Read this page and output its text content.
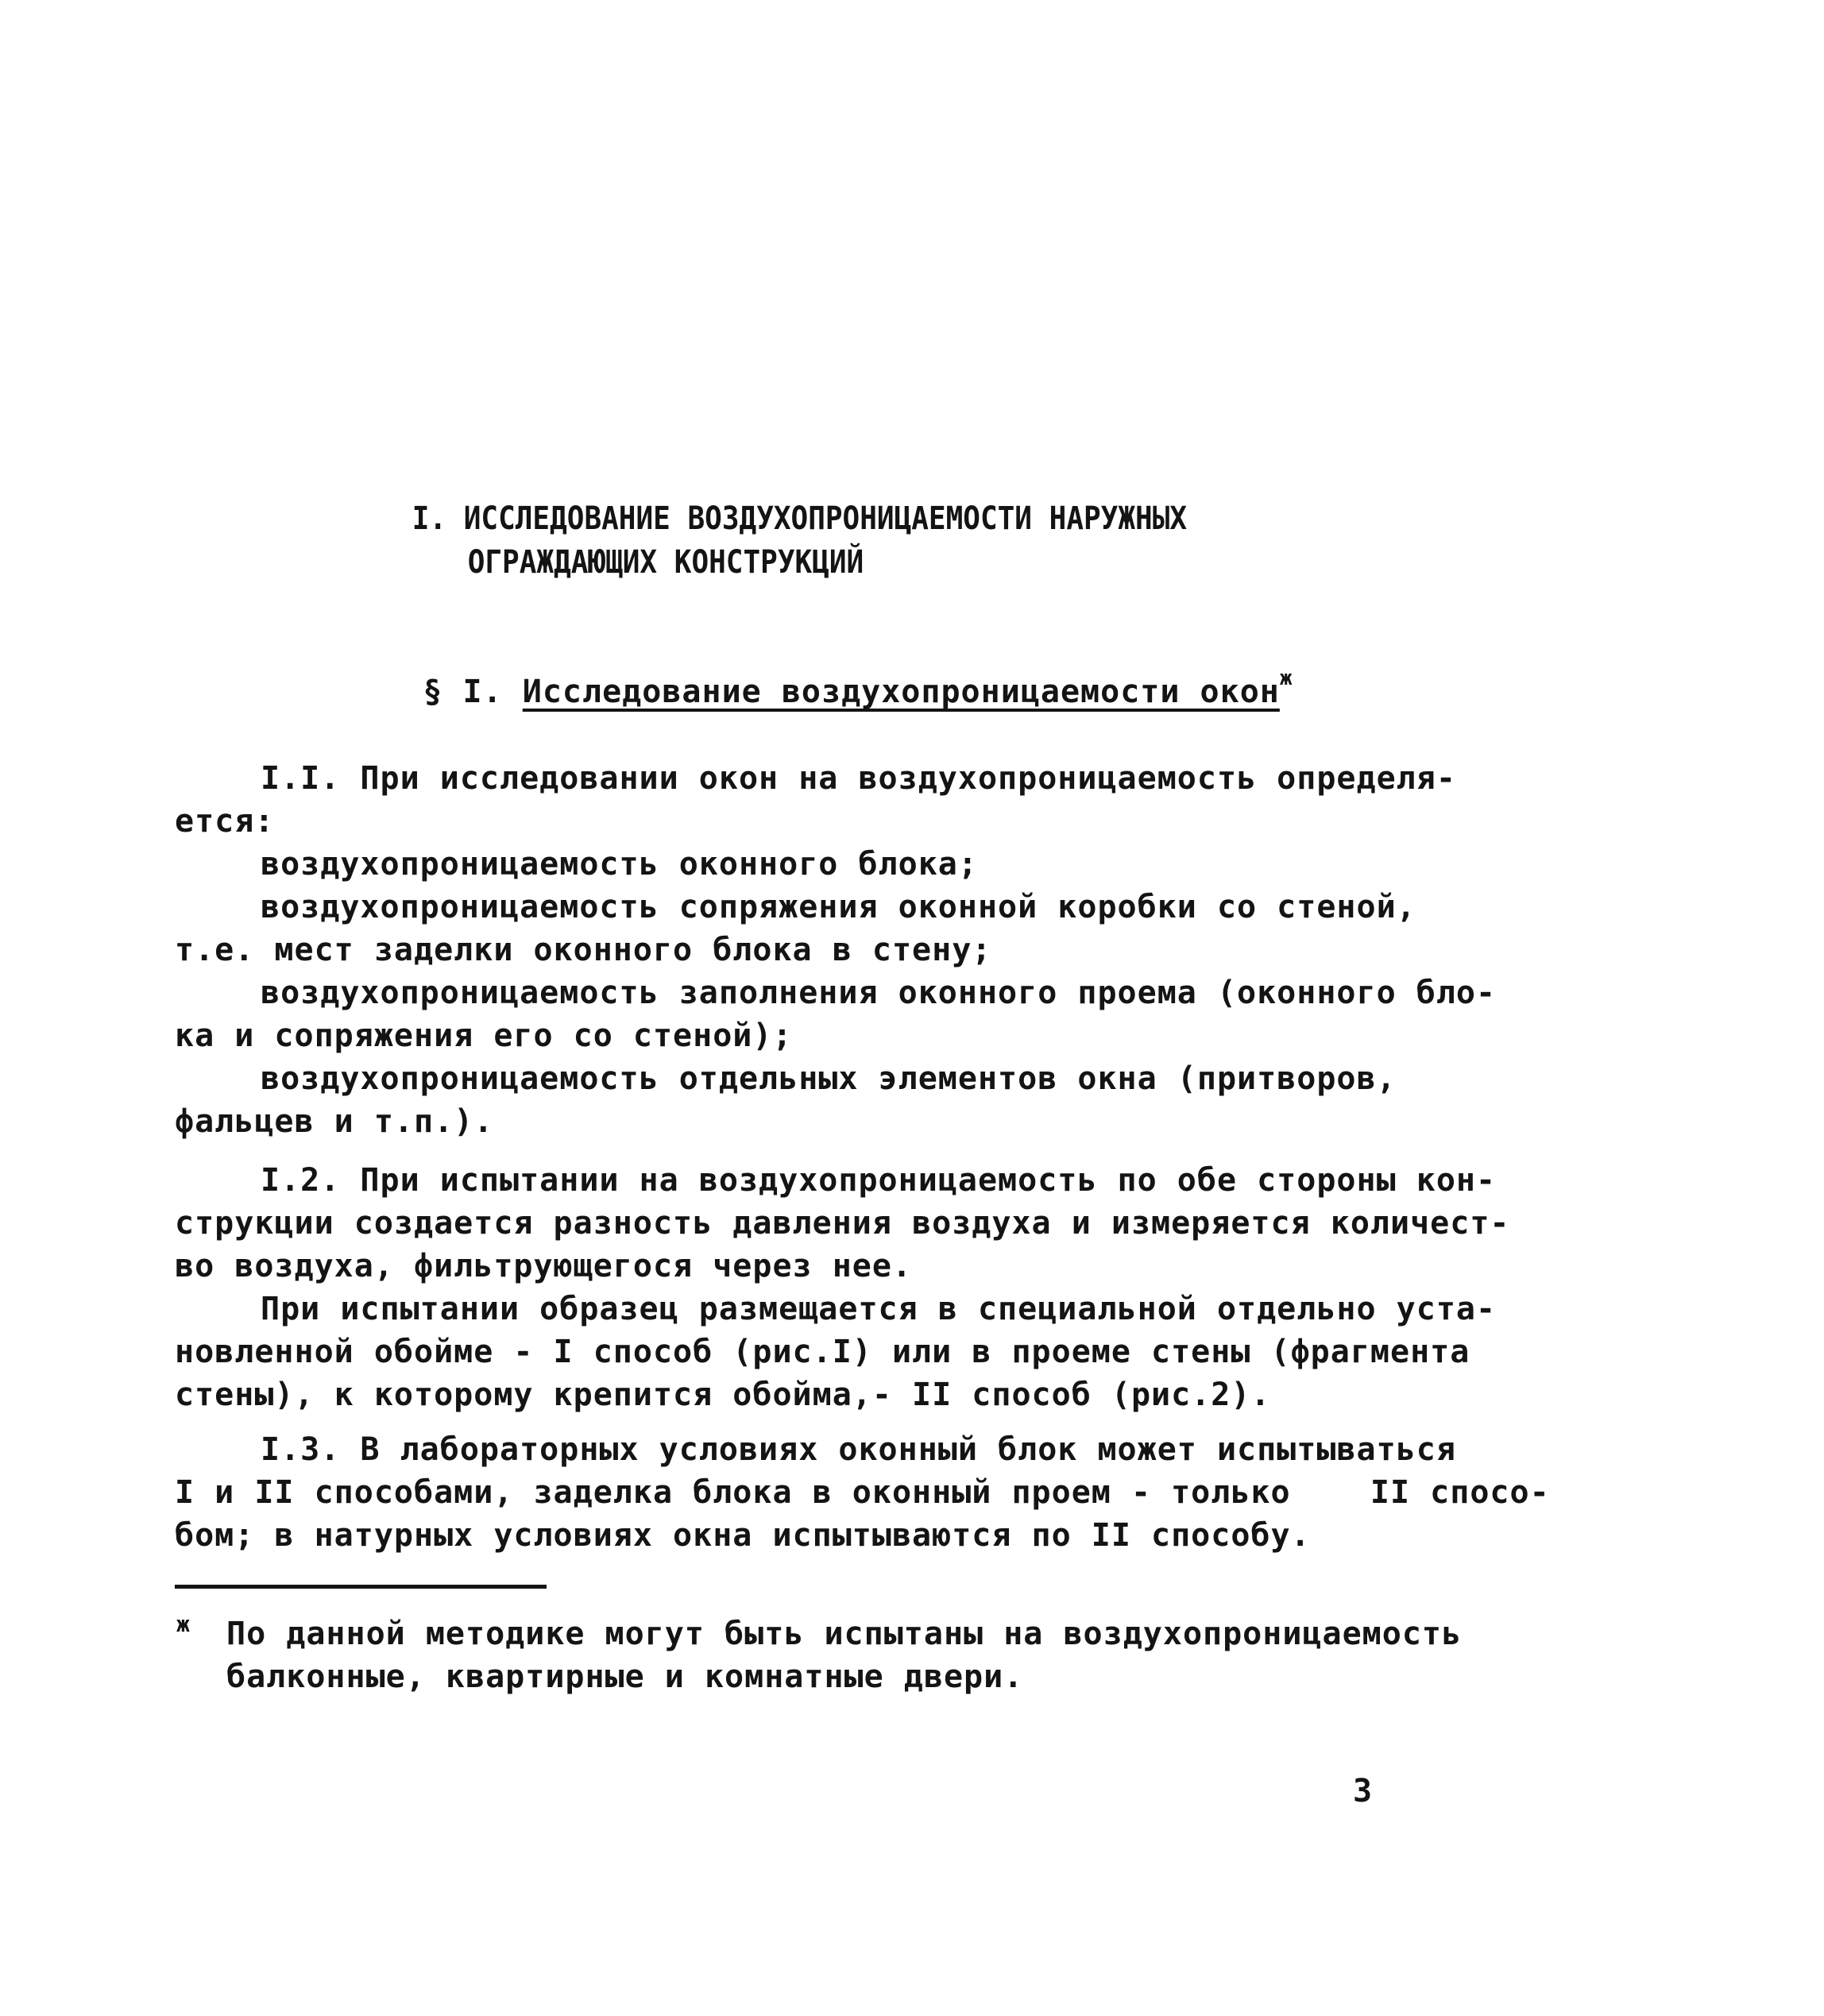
I. ИССЛЕДОВАНИЕ ВОЗДУХОПРОНИЦАЕМОСТИ НАРУЖНЫХ

ОГРАЖДАЮЩИХ КОНСТРУКЦИЙ

§ I. Исследование воздухопроницаемости окон$^ж$

I.I. При исследовании окон на воздухопроницаемость определя-
ется:
воздухопроницаемость оконного блока;
воздухопроницаемость сопряжения оконной коробки со стеной,
т.е. мест заделки оконного блока в стену;
воздухопроницаемость заполнения оконного проема (оконного бло-
ка и сопряжения его со стеной);
воздухопроницаемость отдельных элементов окна (притворов,
фальцев и т.п.).
I.2. При испытании на воздухопроницаемость по обе стороны кон-
струкции создается разность давления воздуха и измеряется количест-
во воздуха, фильтрующегося через нее.
При испытании образец размещается в специальной отдельно уста-
новленной обойме - I способ (рис.I) или в проеме стены (фрагмента
стены), к которому крепится обойма,- II способ (рис.2).
I.3. В лабораторных условиях оконный блок может испытываться
I и II способами, заделка блока в оконный проем - только    II спосо-
бом; в натурных условиях окна испытываются по II способу.
ж По данной методике могут быть испытаны на воздухопроницаемость
балконные, квартирные и комнатные двери.
3
